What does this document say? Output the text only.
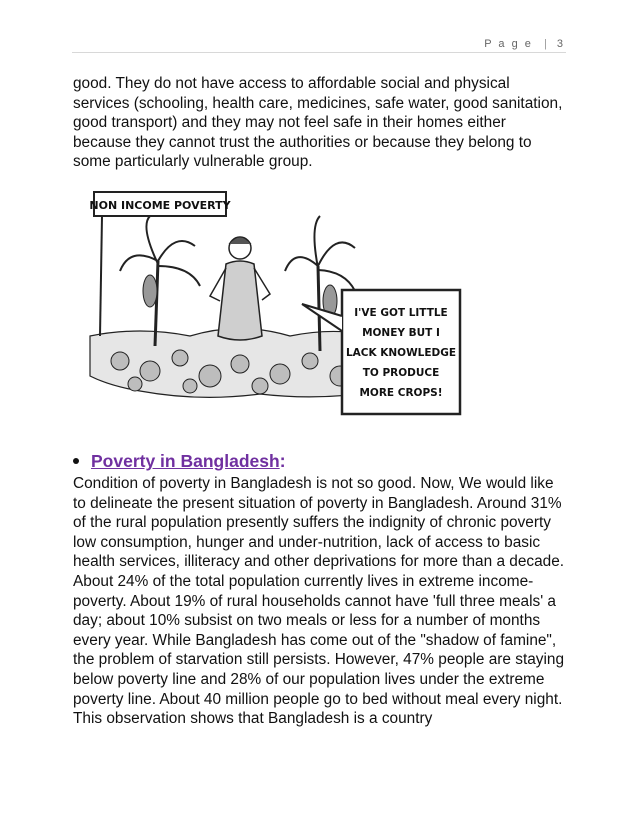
P a g e | 3
good. They do not have access to affordable social and physical services (schooling, health care, medicines, safe water, good sanitation, good transport) and they may not feel safe in their homes either because they cannot trust the authorities or because they belong to some particularly vulnerable group.
NON INCOME POVERTY
I'VE GOT LITTLE
MONEY BUT I
LACK KNOWLEDGE
TO PRODUCE
MORE CROPS!
Poverty in Bangladesh :
Condition of poverty in Bangladesh is not so good. Now, We would like to delineate the present situation of poverty in Bangladesh. Around 31% of the rural population presently suffers the indignity of chronic poverty low consumption, hunger and under-nutrition, lack of access to basic health services, illiteracy and other deprivations for more than a decade. About 24% of the total population currently lives in extreme income-poverty. About 19% of rural households cannot have 'full three meals' a day; about 10% subsist on two meals or less for a number of months every year. While Bangladesh has come out of the "shadow of famine", the problem of starvation still persists. However, 47% people are staying below poverty line and 28% of our population lives under the extreme poverty line. About 40 million people go to bed without meal every night. This observation shows that Bangladesh is a country
